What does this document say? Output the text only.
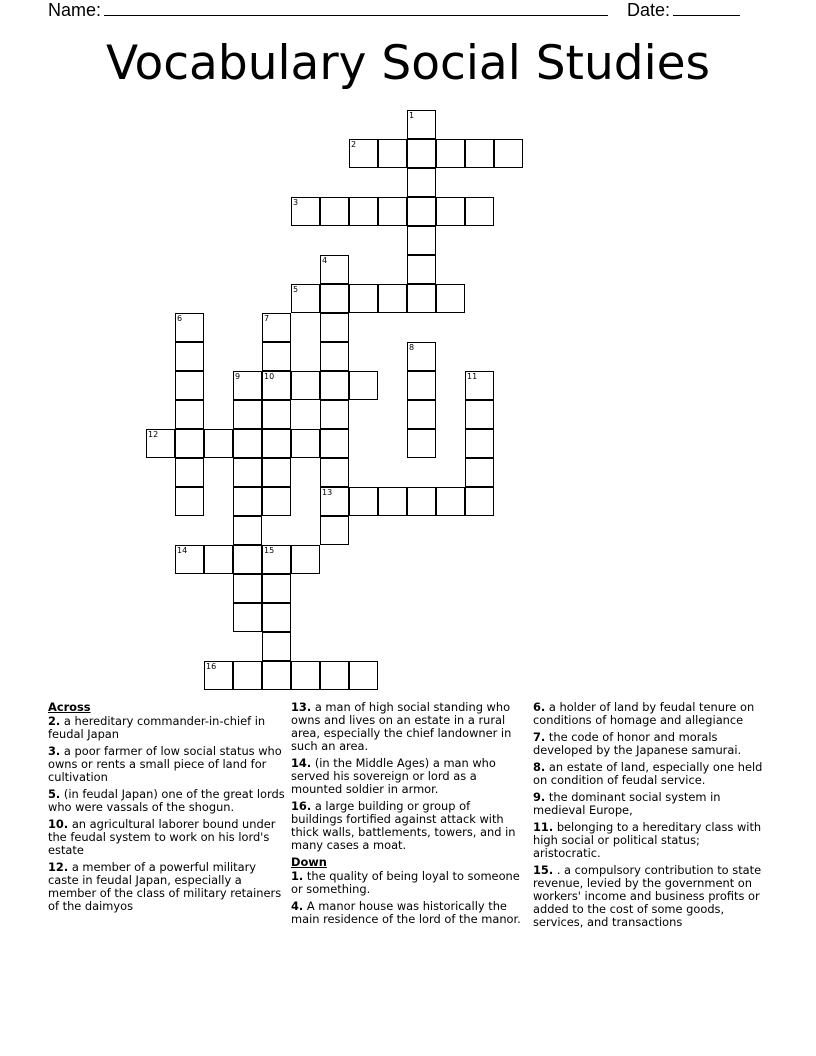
Name:	Date:
Vocabulary Social Studies
1
2
3
4
5
6	7
8
9	10	11
12
13
14	15
16
Across
2. a hereditary commander-in-chief in feudal Japan
3. a poor farmer of low social status who owns or rents a small piece of land for cultivation
5. (in feudal Japan) one of the great lords who were vassals of the shogun.
10. an agricultural laborer bound under the feudal system to work on his lord's estate
12. a member of a powerful military caste in feudal Japan, especially a member of the class of military retainers of the daimyos
13. a man of high social standing who owns and lives on an estate in a rural area, especially the chief landowner in such an area.
14. (in the Middle Ages) a man who served his sovereign or lord as a mounted soldier in armor.
16. a large building or group of buildings fortified against attack with thick walls, battlements, towers, and in many cases a moat.
Down
1. the quality of being loyal to someone or something.
4. A manor house was historically the main residence of the lord of the manor.
6. a holder of land by feudal tenure on conditions of homage and allegiance
7. the code of honor and morals developed by the Japanese samurai.
8. an estate of land, especially one held on condition of feudal service.
9. the dominant social system in medieval Europe,
11. belonging to a hereditary class with high social or political status; aristocratic.
15. . a compulsory contribution to state revenue, levied by the government on workers' income and business profits or added to the cost of some goods, services, and transactions
